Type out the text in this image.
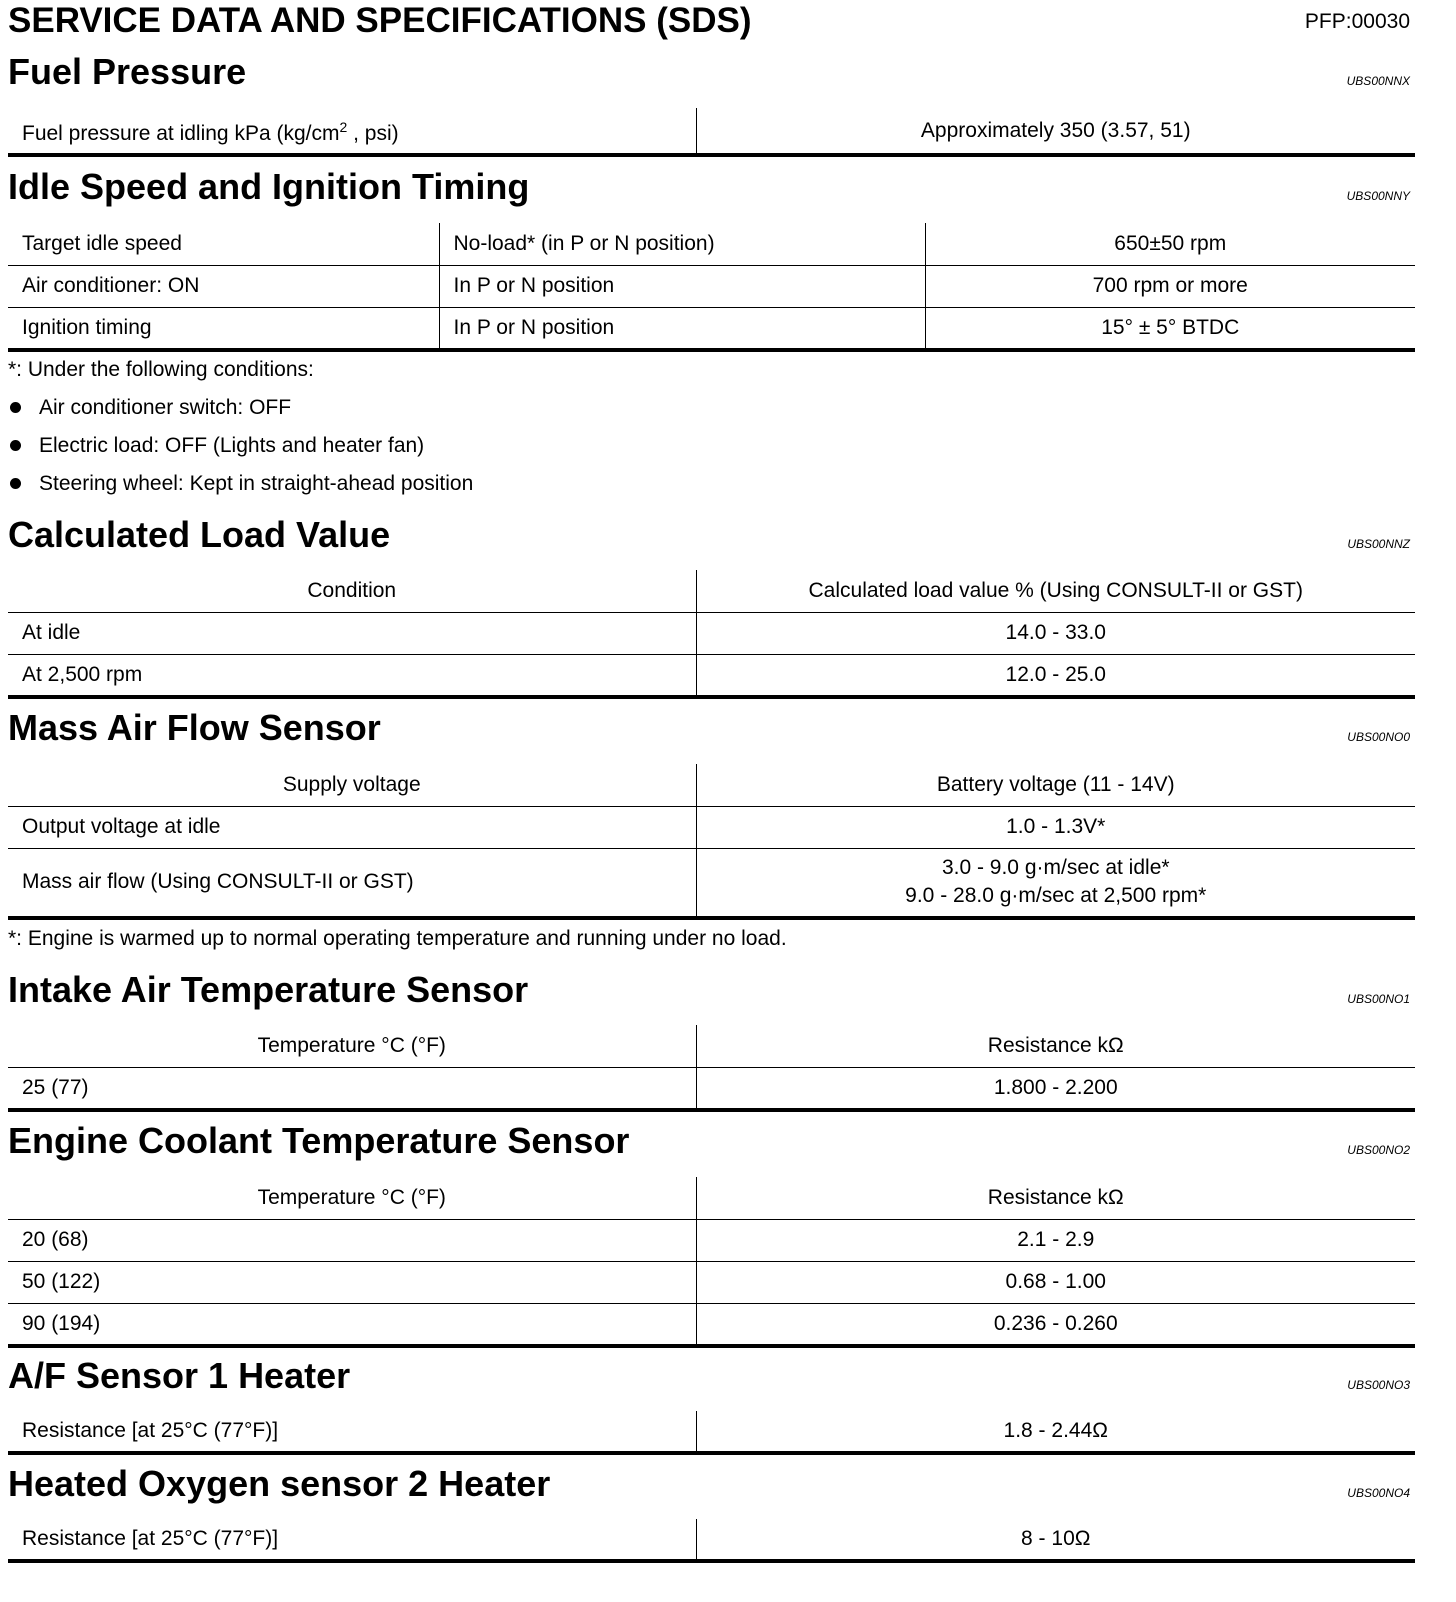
SERVICE DATA AND SPECIFICATIONS (SDS)	PFP:00030
Fuel Pressure	UBS00NNX
Fuel pressure at idling kPa ($kg/cm^2$ , psi)	Approximately 350 (3.57, 51)
Idle Speed and Ignition Timing	UBS00NNY
Target idle speed	No-load* (in P or N position)	650±50 rpm
Air conditioner: ON	In P or N position	700 rpm or more
Ignition timing	In P or N position	15° ± 5° BTDC
*: Under the following conditions:
Air conditioner switch: OFF
Electric load: OFF (Lights and heater fan)
Steering wheel: Kept in straight-ahead position
Calculated Load Value	UBS00NNZ
Condition	Calculated load value % (Using CONSULT-II or GST)
At idle	14.0 - 33.0
At 2,500 rpm	12.0 - 25.0
Mass Air Flow Sensor	UBS00NO0
Supply voltage	Battery voltage (11 - 14V)
Output voltage at idle	1.0 - 1.3V*
Mass air flow (Using CONSULT-II or GST)	3.0 - 9.0 g·m/sec at idle*
9.0 - 28.0 g·m/sec at 2,500 rpm*
*: Engine is warmed up to normal operating temperature and running under no load.
Intake Air Temperature Sensor	UBS00NO1
Temperature °C (°F)	Resistance kΩ
25 (77)	1.800 - 2.200
Engine Coolant Temperature Sensor	UBS00NO2
Temperature °C (°F)	Resistance kΩ
20 (68)	2.1 - 2.9
50 (122)	0.68 - 1.00
90 (194)	0.236 - 0.260
A/F Sensor 1 Heater	UBS00NO3
Resistance [at 25°C (77°F)]	1.8 - 2.44Ω
Heated Oxygen sensor 2 Heater	UBS00NO4
Resistance [at 25°C (77°F)]	8 - 10Ω
